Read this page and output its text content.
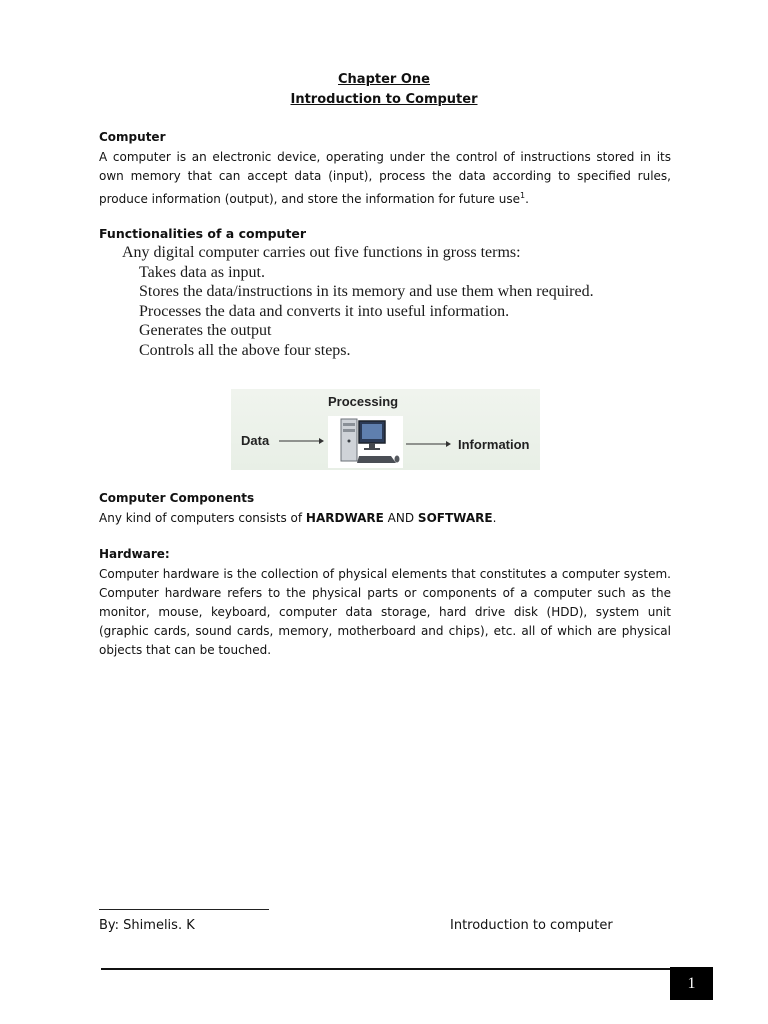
Chapter One
Introduction to Computer
Computer

A computer is an electronic device, operating under the control of instructions stored in its own memory that can accept data (input), process the data according to specified rules, produce information (output), and store the information for future use$^1$.

Functionalities of a computer
Any digital computer carries out five functions in gross terms:
Takes data as input.
Stores the data/instructions in its memory and use them when required.
Processes the data and converts it into useful information.
Generates the output
Controls all the above four steps.
Processing
Data	Information
Computer Components
Any kind of computers consists of HARDWARE AND SOFTWARE.
Hardware:

Computer hardware is the collection of physical elements that constitutes a computer system. Computer hardware refers to the physical parts or components of a computer such as the monitor, mouse, keyboard, computer data storage, hard drive disk (HDD), system unit (graphic cards, sound cards, memory, motherboard and chips), etc. all of which are physical objects that can be touched.

By: Shimelis. K	Introduction to computer
1
